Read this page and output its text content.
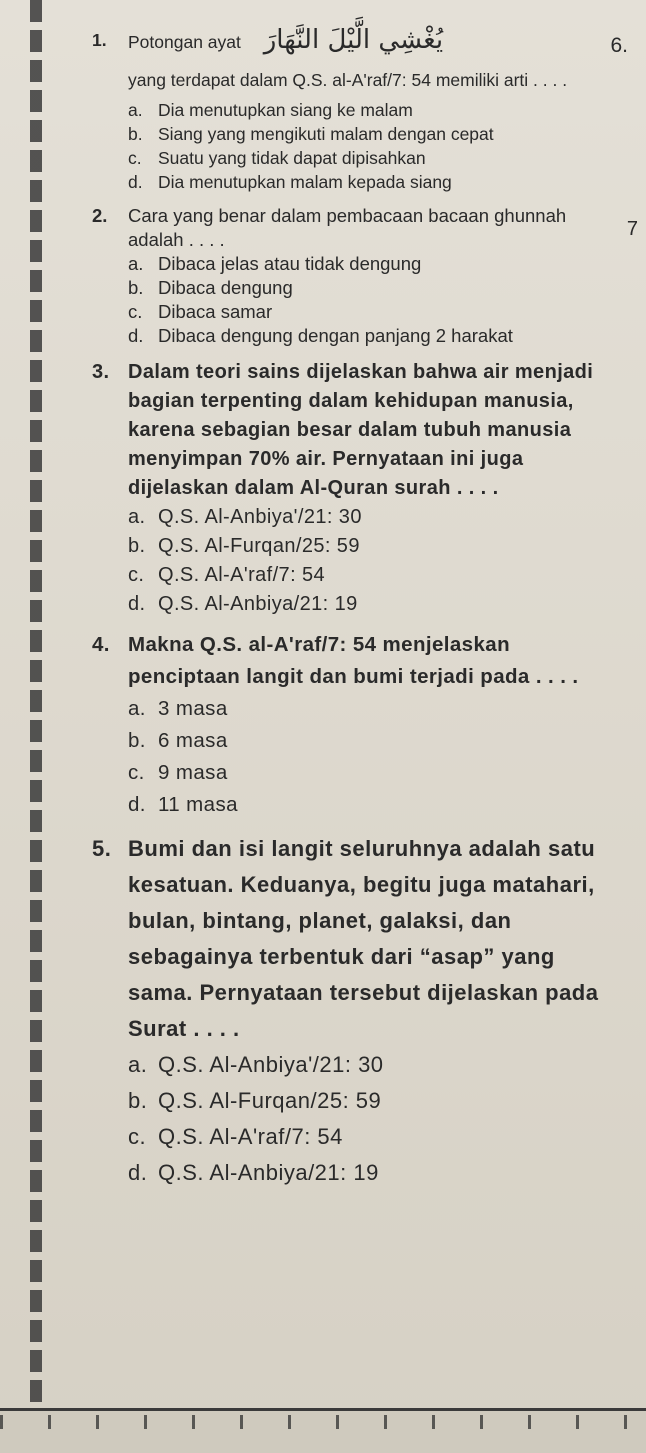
6.
7
1.	Potongan ayat يُغْشِي الَّيْلَ النَّهَارَ
yang terdapat dalam Q.S. al-A'raf/7: 54 memiliki arti . . . .
a. Dia menutupkan siang ke malam
b. Siang yang mengikuti malam dengan cepat
c. Suatu yang tidak dapat dipisahkan
d. Dia menutupkan malam kepada siang
2.	Cara yang benar dalam pembacaan bacaan ghunnah adalah . . . .
a. Dibaca jelas atau tidak dengung
b. Dibaca dengung
c. Dibaca samar
d. Dibaca dengung dengan panjang 2 harakat
3. Dalam teori sains dijelaskan bahwa air menjadi bagian terpenting dalam kehidupan manusia, karena sebagian besar dalam tubuh manusia menyimpan 70% air. Pernyataan ini juga dijelaskan dalam Al-Quran surah . . . .
a. Q.S. Al-Anbiya'/21: 30
b. Q.S. Al-Furqan/25: 59
c. Q.S. Al-A'raf/7: 54
d. Q.S. Al-Anbiya/21: 19
4. Makna Q.S. al-A'raf/7: 54 menjelaskan penciptaan langit dan bumi terjadi pada . . . .
a. 3 masa
b. 6 masa
c. 9 masa
d. 11 masa
5. Bumi dan isi langit seluruhnya adalah satu kesatuan. Keduanya, begitu juga matahari, bulan, bintang, planet, galaksi, dan sebagainya terbentuk dari “asap” yang sama. Pernyataan tersebut dijelaskan pada Surat . . . .
a. Q.S. Al-Anbiya'/21: 30
b. Q.S. Al-Furqan/25: 59
c. Q.S. Al-A'raf/7: 54
d. Q.S. Al-Anbiya/21: 19
